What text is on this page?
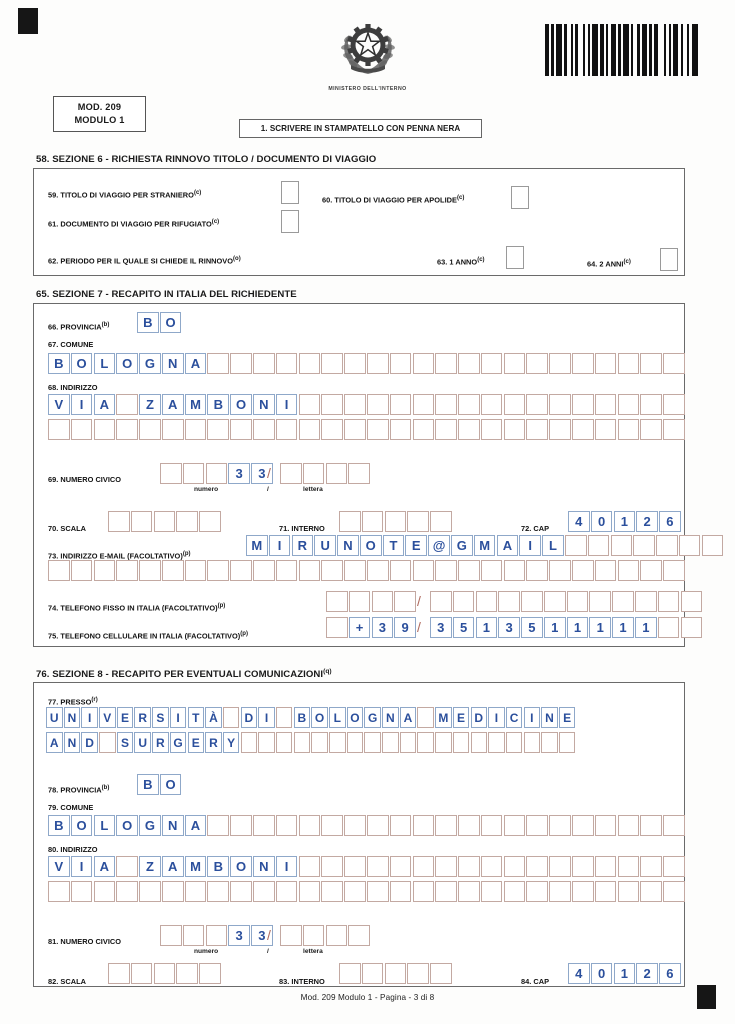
MINISTERO DELL'INTERNO
MOD. 209
MODULO 1
1. SCRIVERE IN STAMPATELLO CON PENNA NERA
58. SEZIONE 6 - RICHIESTA RINNOVO TITOLO / DOCUMENTO DI VIAGGIO
59. TITOLO DI VIAGGIO PER STRANIERO$^{(c)}$
60. TITOLO DI VIAGGIO PER APOLIDE$^{(c)}$
61. DOCUMENTO DI VIAGGIO PER RIFUGIATO$^{(c)}$
62. PERIODO PER IL QUALE SI CHIEDE IL RINNOVO$^{(o)}$	63. 1 ANNO$^{(c)}$	64. 2 ANNI$^{(c)}$
65. SEZIONE 7 - RECAPITO IN ITALIA DEL RICHIEDENTE
66. PROVINCIA$^{(b)}$	B	O
67. COMUNE
B	O	L	O G	N	A
68. INDIRIZZO
V	I	A	Z	A M B	O	N	I
69. NUMERO CIVICO	3	3 /
numero	/	lettera
70. SCALA	71. INTERNO	72. CAP	4	0	1	2	6
73. INDIRIZZO E-MAIL (FACOLTATIVO)$^{(p)}$
M	I	R	U	N	O	T	E @ G M A	I	L
74. TELEFONO FISSO IN ITALIA (FACOLTATIVO)$^{(p)}$	/
75. TELEFONO CELLULARE IN ITALIA (FACOLTATIVO)$^{(p)}$	+	3	9 /	3	5	1	3	5	1	1	1	1	1
76. SEZIONE 8 - RECAPITO PER EVENTUALI COMUNICAZIONI$^{(q)}$
77. PRESSO$^{(r)}$
U N I	V E R S	I	T À	D I	B O L O G N A	M E D I C I N E
A N D	S U R G E R Y
78. PROVINCIA$^{(b)}$	B	O
79. COMUNE
B	O	L	O G	N	A
80. INDIRIZZO
V	I	A	Z	A M B	O	N	I
81. NUMERO CIVICO	3	3 /
numero	/	lettera
82. SCALA	83. INTERNO	84. CAP
4	0	1	2	6
Mod. 209 Modulo 1 - Pagina - 3 di 8
